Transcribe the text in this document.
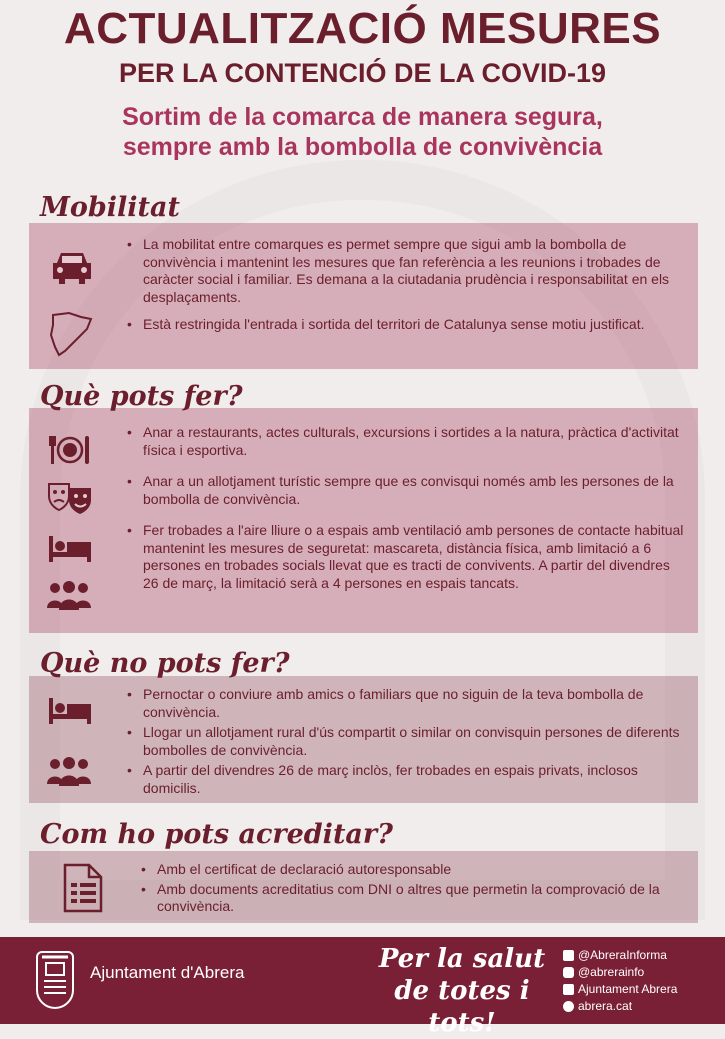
ACTUALITZACIÓ MESURES
PER LA CONTENCIÓ DE LA COVID-19
Sortim de la comarca de manera segura,
sempre amb la bombolla de convivència
Mobilitat
• La mobilitat entre comarques es permet sempre que sigui amb la bombolla de convivència i mantenint les mesures que fan referència a les reunions i trobades de caràcter social i familiar. Es demana a la ciutadania prudència i responsabilitat en els desplaçaments.
• Està restringida l'entrada i sortida del territori de Catalunya sense motiu justificat.
Què pots fer?
• Anar a restaurants, actes culturals, excursions i sortides a la natura, pràctica d'activitat física i esportiva.
• Anar a un allotjament turístic sempre que es convisqui només amb les persones de la bombolla de convivència.
• Fer trobades a l'aire lliure o a espais amb ventilació amb persones de contacte habitual mantenint les mesures de seguretat: mascareta, distància física, amb limitació a 6 persones en trobades socials llevat que es tracti de convivents. A partir del divendres 26 de març, la limitació serà a 4 persones en espais tancats.
Què no pots fer?
• Pernoctar o conviure amb amics o familiars que no siguin de la teva bombolla de convivència.
• Llogar un allotjament rural d'ús compartit o similar on convisquin persones de diferents bombolles de convivència.
• A partir del divendres 26 de març inclòs, fer trobades en espais privats, inclosos domicilis.
Com ho pots acreditar?
• Amb el certificat de declaració autoresponsable
• Amb documents acreditatius com DNI o altres que permetin la comprovació de la convivència.
Ajuntament d'Abrera	Per la salut
de totes i tots!
@AbreraInforma
@abrerainfo
Ajuntament Abrera
abrera.cat
